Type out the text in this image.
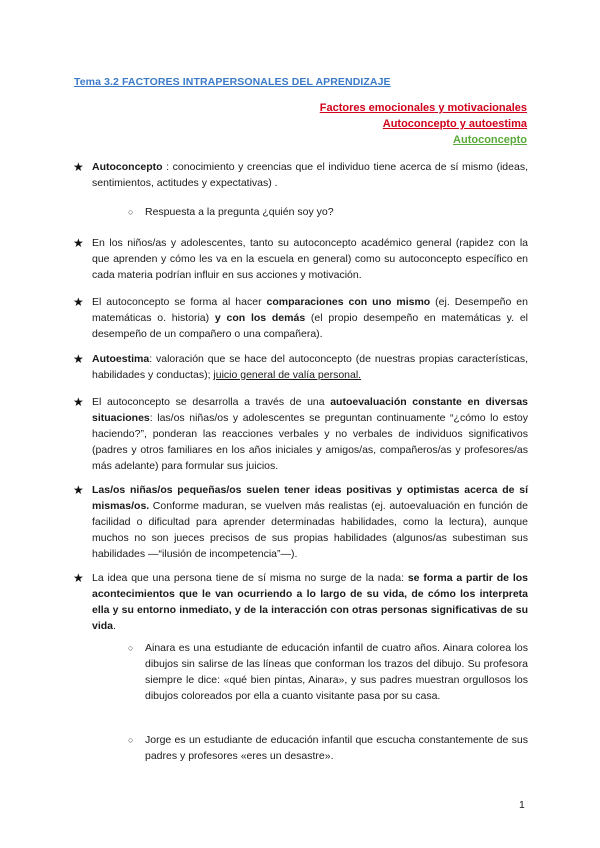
Tema 3.2 FACTORES INTRAPERSONALES DEL APRENDIZAJE
Factores emocionales y motivacionales
Autoconcepto y autoestima
Autoconcepto
★ Autoconcepto : conocimiento y creencias que el individuo tiene acerca de sí mismo (ideas, sentimientos, actitudes y expectativas) .
○ Respuesta a la pregunta ¿quién soy yo?
★ En los niños/as y adolescentes, tanto su autoconcepto académico general (rapidez con la que aprenden y cómo les va en la escuela en general) como su autoconcepto específico en cada materia podrían influir en sus acciones y motivación.
★ El autoconcepto se forma al hacer comparaciones con uno mismo (ej. Desempeño en matemáticas o. historia) y con los demás (el propio desempeño en matemáticas y. el desempeño de un compañero o una compañera).
★ Autoestima: valoración que se hace del autoconcepto (de nuestras propias características, habilidades y conductas); juicio general de valía personal.
★ El autoconcepto se desarrolla a través de una autoevaluación constante en diversas situaciones: las/os niñas/os y adolescentes se preguntan continuamente “¿cómo lo estoy haciendo?”, ponderan las reacciones verbales y no verbales de individuos significativos (padres y otros familiares en los años iniciales y amigos/as, compañeros/as y profesores/as más adelante) para formular sus juicios.
★ Las/os niñas/os pequeñas/os suelen tener ideas positivas y optimistas acerca de sí mismas/os. Conforme maduran, se vuelven más realistas (ej. autoevaluación en función de facilidad o dificultad para aprender determinadas habilidades, como la lectura), aunque muchos no son jueces precisos de sus propias habilidades (algunos/as subestiman sus habilidades —“ilusión de incompetencia”—).
★ La idea que una persona tiene de sí misma no surge de la nada: se forma a partir de los acontecimientos que le van ocurriendo a lo largo de su vida, de cómo los interpreta ella y su entorno inmediato, y de la interacción con otras personas significativas de su vida.
○ Ainara es una estudiante de educación infantil de cuatro años. Ainara colorea los dibujos sin salirse de las líneas que conforman los trazos del dibujo. Su profesora siempre le dice: «qué bien pintas, Ainara», y sus padres muestran orgullosos los dibujos coloreados por ella a cuanto visitante pasa por su casa.
○ Jorge es un estudiante de educación infantil que escucha constantemente de sus padres y profesores «eres un desastre».
1
